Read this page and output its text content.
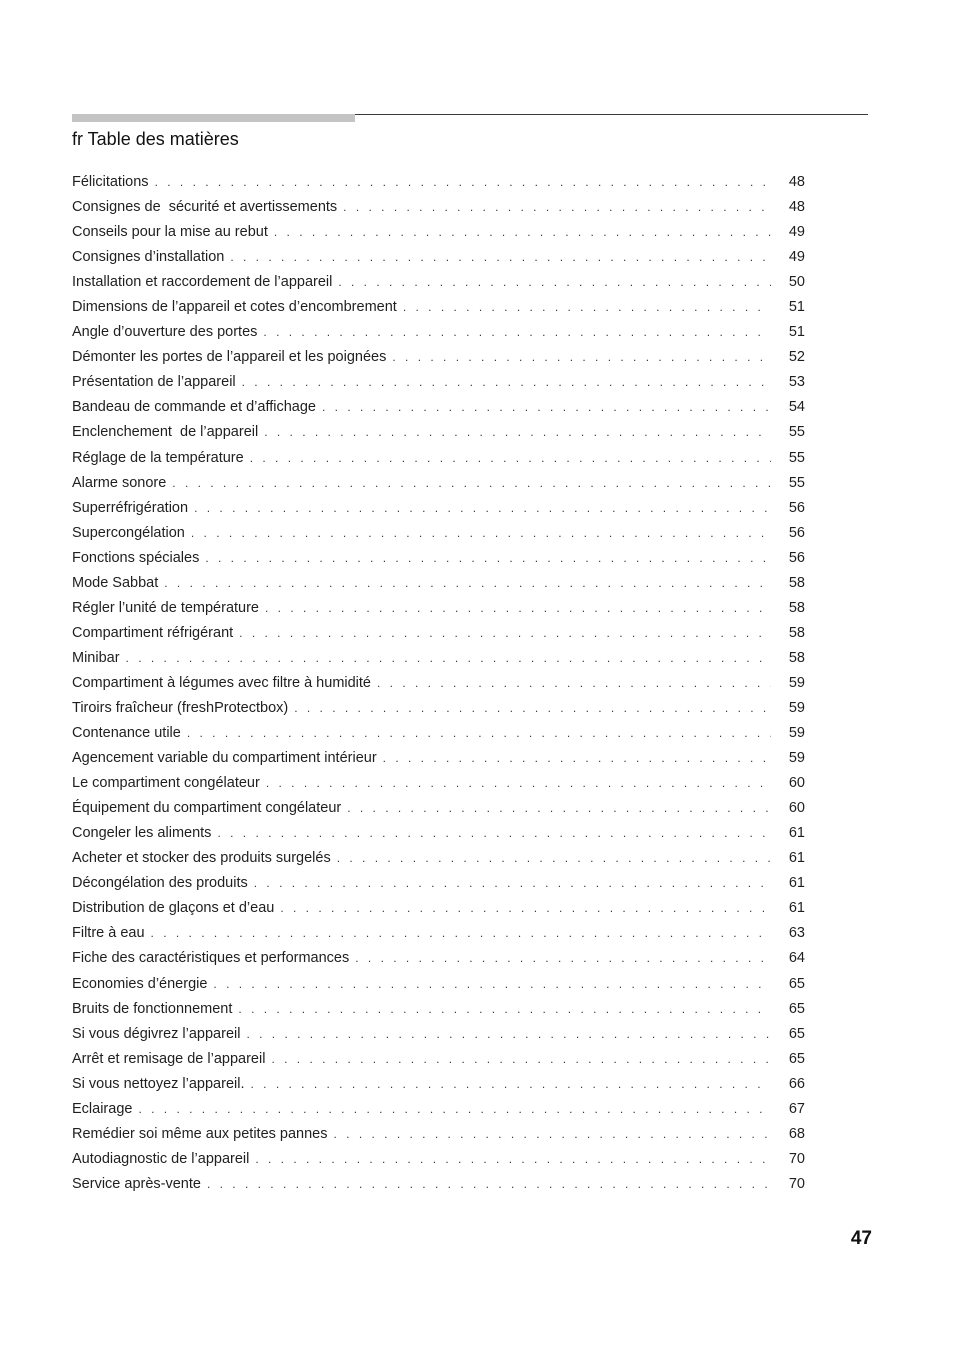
fr Table des matières
Félicitations . . .	48
Consignes de  sécurité et avertissements . . .	48
Conseils pour la mise au rebut . . .	49
Consignes d’installation . . .	49
Installation et raccordement de l’appareil . . .	50
Dimensions de l’appareil et cotes d’encombrement . . .	51
Angle d’ouverture des portes . . .	51
Démonter les portes de l’appareil et les poignées . . .	52
Présentation de l’appareil . . .	53
Bandeau de commande et d’affichage . . .	54
Enclenchement  de l’appareil . . .	55
Réglage de la température . . .	55
Alarme sonore . . .	55
Superréfrigération . . .	56
Supercongélation . . .	56
Fonctions spéciales . . .	56
Mode Sabbat . . .	58
Régler l’unité de température . . .	58
Compartiment réfrigérant . . .	58
Minibar . . .	58
Compartiment à légumes avec filtre à humidité . . .	59
Tiroirs fraîcheur (freshProtectbox) . . .	59
Contenance utile . . .	59
Agencement variable du compartiment intérieur . . .	59
Le compartiment congélateur . . .	60
Équipement du compartiment congélateur . . .	60
Congeler les aliments . . .	61
Acheter et stocker des produits surgelés . . .	61
Décongélation des produits . . .	61
Distribution de glaçons et d’eau . . .	61
Filtre à eau . . .	63
Fiche des caractéristiques et performances . . .	64
Economies d’énergie . . .	65
Bruits de fonctionnement . . .	65
Si vous dégivrez l’appareil . . .	65
Arrêt et remisage de l’appareil . . .	65
Si vous nettoyez l’appareil. . . .	66
Eclairage . . .	67
Remédier soi même aux petites pannes . . .	68
Autodiagnostic de l’appareil . . .	70
Service après-vente . . .	70
47
